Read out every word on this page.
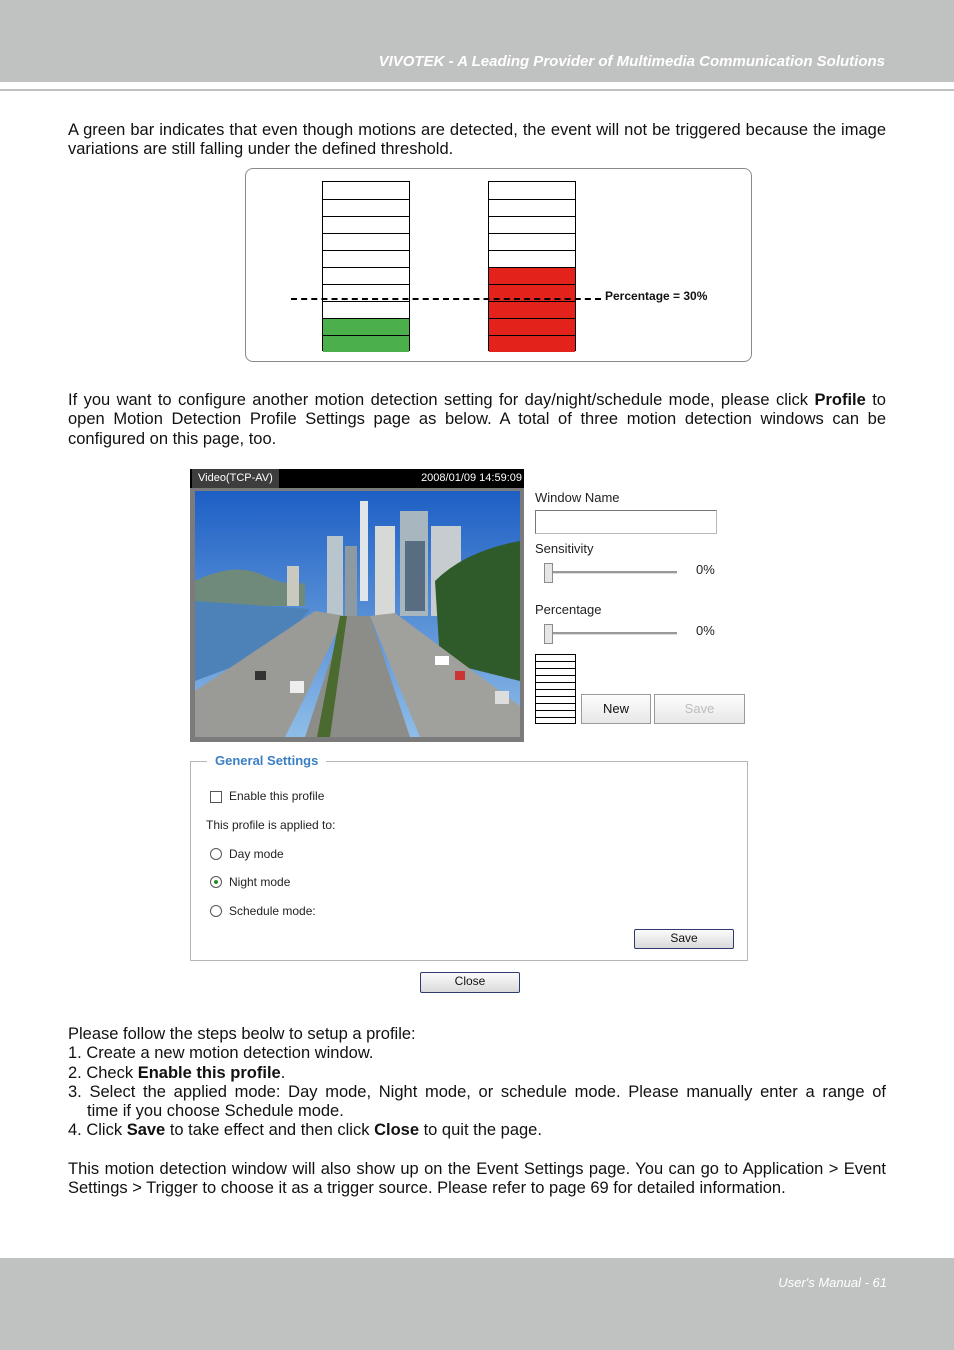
VIVOTEK - A Leading Provider of Multimedia Communication Solutions
A green bar indicates that even though motions are detected, the event will not be triggered because the image variations are still falling under the defined threshold.
Percentage = 30%
If you want to configure another motion detection setting for day/night/schedule mode, please click Profile to open Motion Detection Profile Settings page as below. A total of three motion detection windows can be configured on this page, too.
Video(TCP-AV)	2008/01/09 14:59:09
Window Name
Sensitivity
0%
Percentage
0%
New	Save
General Settings
Enable this profile
This profile is applied to:
Day mode
Night mode
Schedule mode:
Save
Close
Please follow the steps beolw to setup a profile:
1. Create a new motion detection window.
2. Check Enable this profile.
3. Select the applied mode: Day mode, Night mode, or schedule mode. Please manually enter a range of
time if you choose Schedule mode.
4. Click Save to take effect and then click Close to quit the page.
This motion detection window will also show up on the Event Settings page. You can go to Application > Event Settings > Trigger to choose it as a trigger source. Please refer to page 69 for detailed information.
User's Manual - 61
